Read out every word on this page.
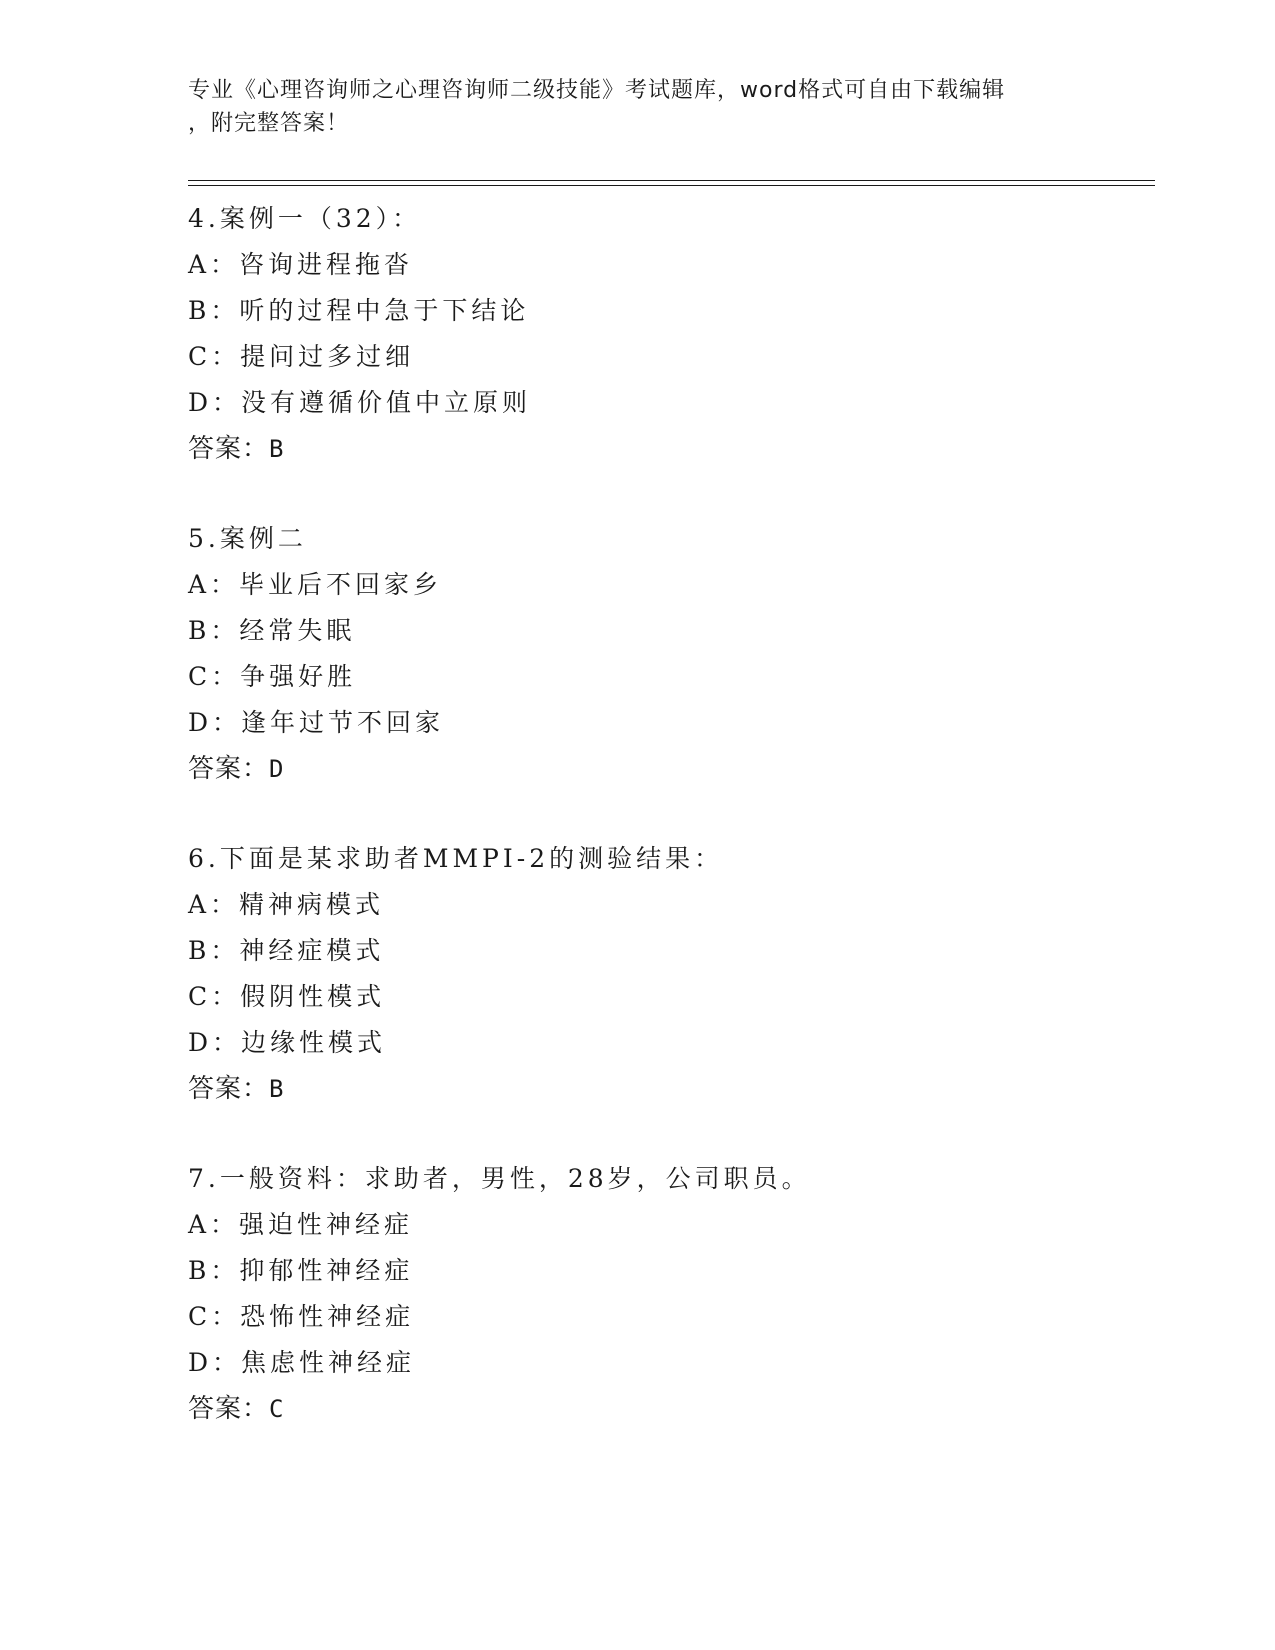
专业《心理咨询师之心理咨询师二级技能》考试题库，word格式可自由下载编辑
，附完整答案！
4.案例一（32）：
A：咨询进程拖沓
B：听的过程中急于下结论
C：提问过多过细
D：没有遵循价值中立原则
答案：B
5.案例二
A：毕业后不回家乡
B：经常失眠
C：争强好胜
D：逢年过节不回家
答案：D
6.下面是某求助者MMPI-2的测验结果：
A：精神病模式
B：神经症模式
C：假阴性模式
D：边缘性模式
答案：B
7.一般资料：求助者，男性，28岁，公司职员。
A：强迫性神经症
B：抑郁性神经症
C：恐怖性神经症
D：焦虑性神经症
答案：C
